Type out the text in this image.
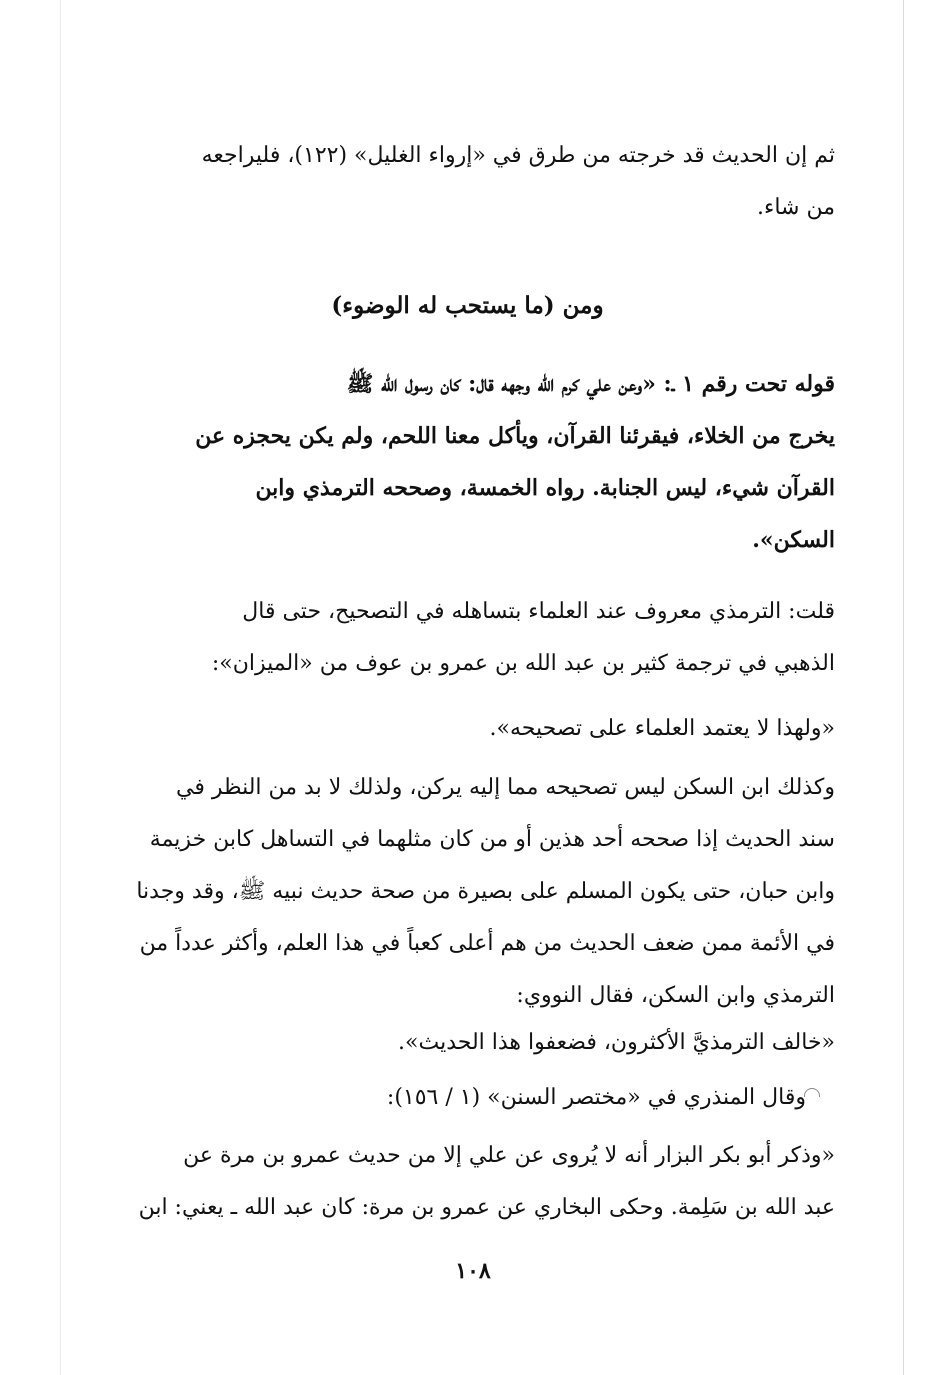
ثم إن الحديث قد خرجته من طرق في «إرواء الغليل» (١٢٢)، فليراجعه
من شاء.
ومن (ما يستحب له الوضوء)
قوله تحت رقم ١ ـ: «وعن علي كرم الله وجهه قال: كان رسول الله ﷺ
يخرج من الخلاء، فيقرئنا القرآن، ويأكل معنا اللحم، ولم يكن يحجزه عن
القرآن شيء، ليس الجنابة. رواه الخمسة، وصححه الترمذي وابن
السكن».
قلت: الترمذي معروف عند العلماء بتساهله في التصحيح، حتى قال
الذهبي في ترجمة كثير بن عبد الله بن عمرو بن عوف من «الميزان»:
«ولهذا لا يعتمد العلماء على تصحيحه».
وكذلك ابن السكن ليس تصحيحه مما إليه يركن، ولذلك لا بد من النظر في
سند الحديث إذا صححه أحد هذين أو من كان مثلهما في التساهل كابن خزيمة
وابن حبان، حتى يكون المسلم على بصيرة من صحة حديث نبيه ﷺ، وقد وجدنا
في الأئمة ممن ضعف الحديث من هم أعلى كعباً في هذا العلم، وأكثر عدداً من
الترمذي وابن السكن، فقال النووي:
«خالف الترمذيَّ الأكثرون، فضعفوا هذا الحديث».
وقال المنذري في «مختصر السنن» (١ / ١٥٦):
«وذكر أبو بكر البزار أنه لا يُروى عن علي إلا من حديث عمرو بن مرة عن
عبد الله بن سَلِمة. وحكى البخاري عن عمرو بن مرة: كان عبد الله ـ يعني: ابن
١٠٨
